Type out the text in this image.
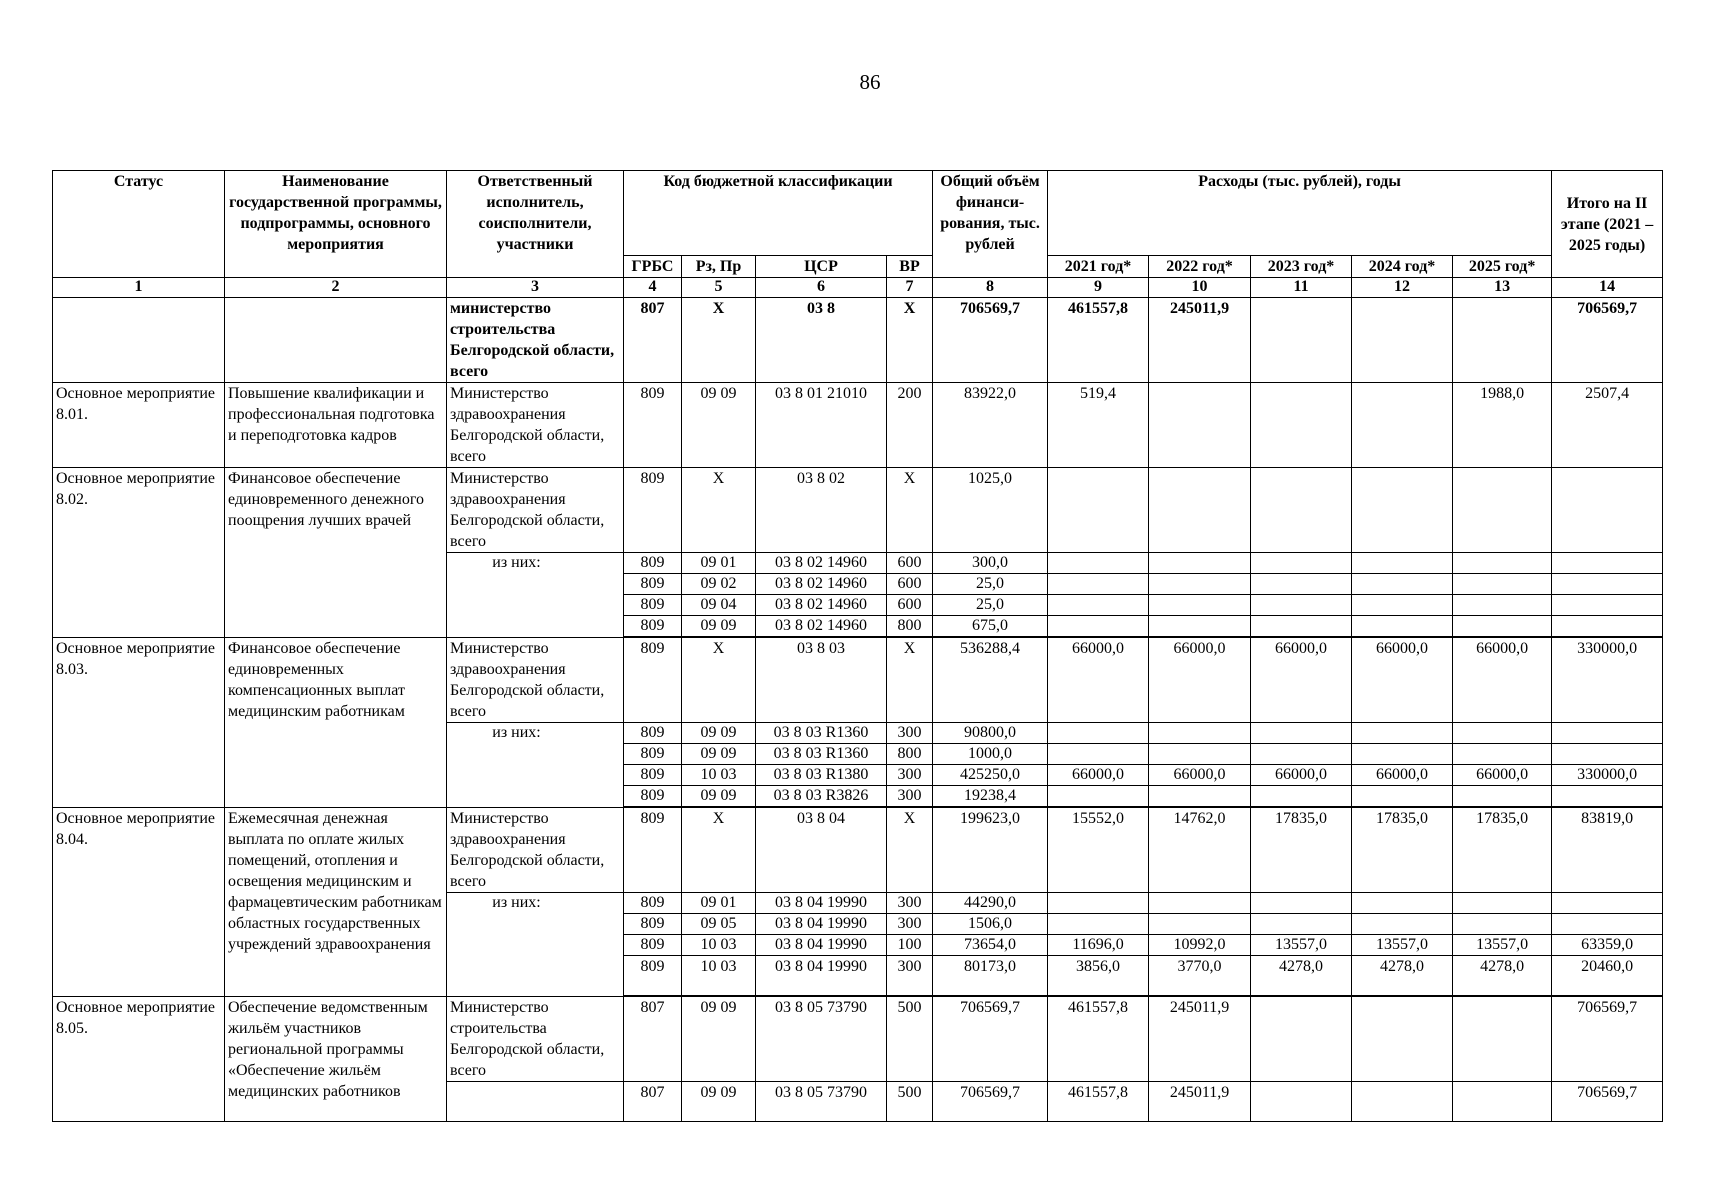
86
Статус	Наименование государственной программы, подпрограммы, основного мероприятия	Ответственный исполнитель, соисполнители, участники	Код бюджетной классификации				Общий объём финанси-рования, тыс. рублей	Расходы (тыс. рублей), годы					Итого на II этапе (2021 – 2025 годы)
			ГРБС	Рз, Пр	ЦСР	ВР		2021 год*	2022 год*	2023 год*	2024 год*	2025 год*	
1	2	3	4	5	6	7	8	9	10	11	12	13	14
		министерство строительства Белгородской области, всего	807	Х	03 8	Х	706569,7	461557,8	245011,9				706569,7
Основное мероприятие 8.01.	Повышение квалификации и профессиональная подготовка и переподготовка кадров	Министерство здравоохранения Белгородской области, всего	809	09 09	03 8 01 21010	200	83922,0	519,4				1988,0	2507,4
Основное мероприятие 8.02.	Финансовое обеспечение единовременного денежного поощрения лучших врачей	Министерство здравоохранения Белгородской области, всего	809	Х	03 8 02	Х	1025,0						
		из них:	809	09 01	03 8 02 14960	600	300,0						
			809	09 02	03 8 02 14960	600	25,0						
			809	09 04	03 8 02 14960	600	25,0						
			809	09 09	03 8 02 14960	800	675,0						

Основное мероприятие 8.03.	Финансовое обеспечение единовременных компенсационных выплат медицинским работникам	Министерство здравоохранения Белгородской области, всего	809	Х	03 8 03	Х	536288,4	66000,0	66000,0	66000,0	66000,0	66000,0	330000,0
		из них:	809	09 09	03 8 03 R1360	300	90800,0						
			809	09 09	03 8 03 R1360	800	1000,0						
			809	10 03	03 8 03 R1380	300	425250,0	66000,0	66000,0	66000,0	66000,0	66000,0	330000,0
			809	09 09	03 8 03 R3826	300	19238,4						

Основное мероприятие 8.04.	Ежемесячная денежная выплата по оплате жилых помещений, отопления и освещения медицинским и фармацевтическим работникам областных государственных учреждений здравоохранения	Министерство здравоохранения Белгородской области, всего	809	Х	03 8 04	Х	199623,0	15552,0	14762,0	17835,0	17835,0	17835,0	83819,0
		из них:	809	09 01	03 8 04 19990	300	44290,0						
			809	09 05	03 8 04 19990	300	1506,0						
			809	10 03	03 8 04 19990	100	73654,0	11696,0	10992,0	13557,0	13557,0	13557,0	63359,0
			809	10 03	03 8 04 19990	300	80173,0	3856,0	3770,0	4278,0	4278,0	4278,0	20460,0

Основное мероприятие 8.05.	Обеспечение ведомственным жильём участников региональной программы «Обеспечение жильём медицинских работников	Министерство строительства Белгородской области, всего	807	09 09	03 8 05 73790	500	706569,7	461557,8	245011,9				706569,7
			807	09 09	03 8 05 73790	500	706569,7	461557,8	245011,9				706569,7
